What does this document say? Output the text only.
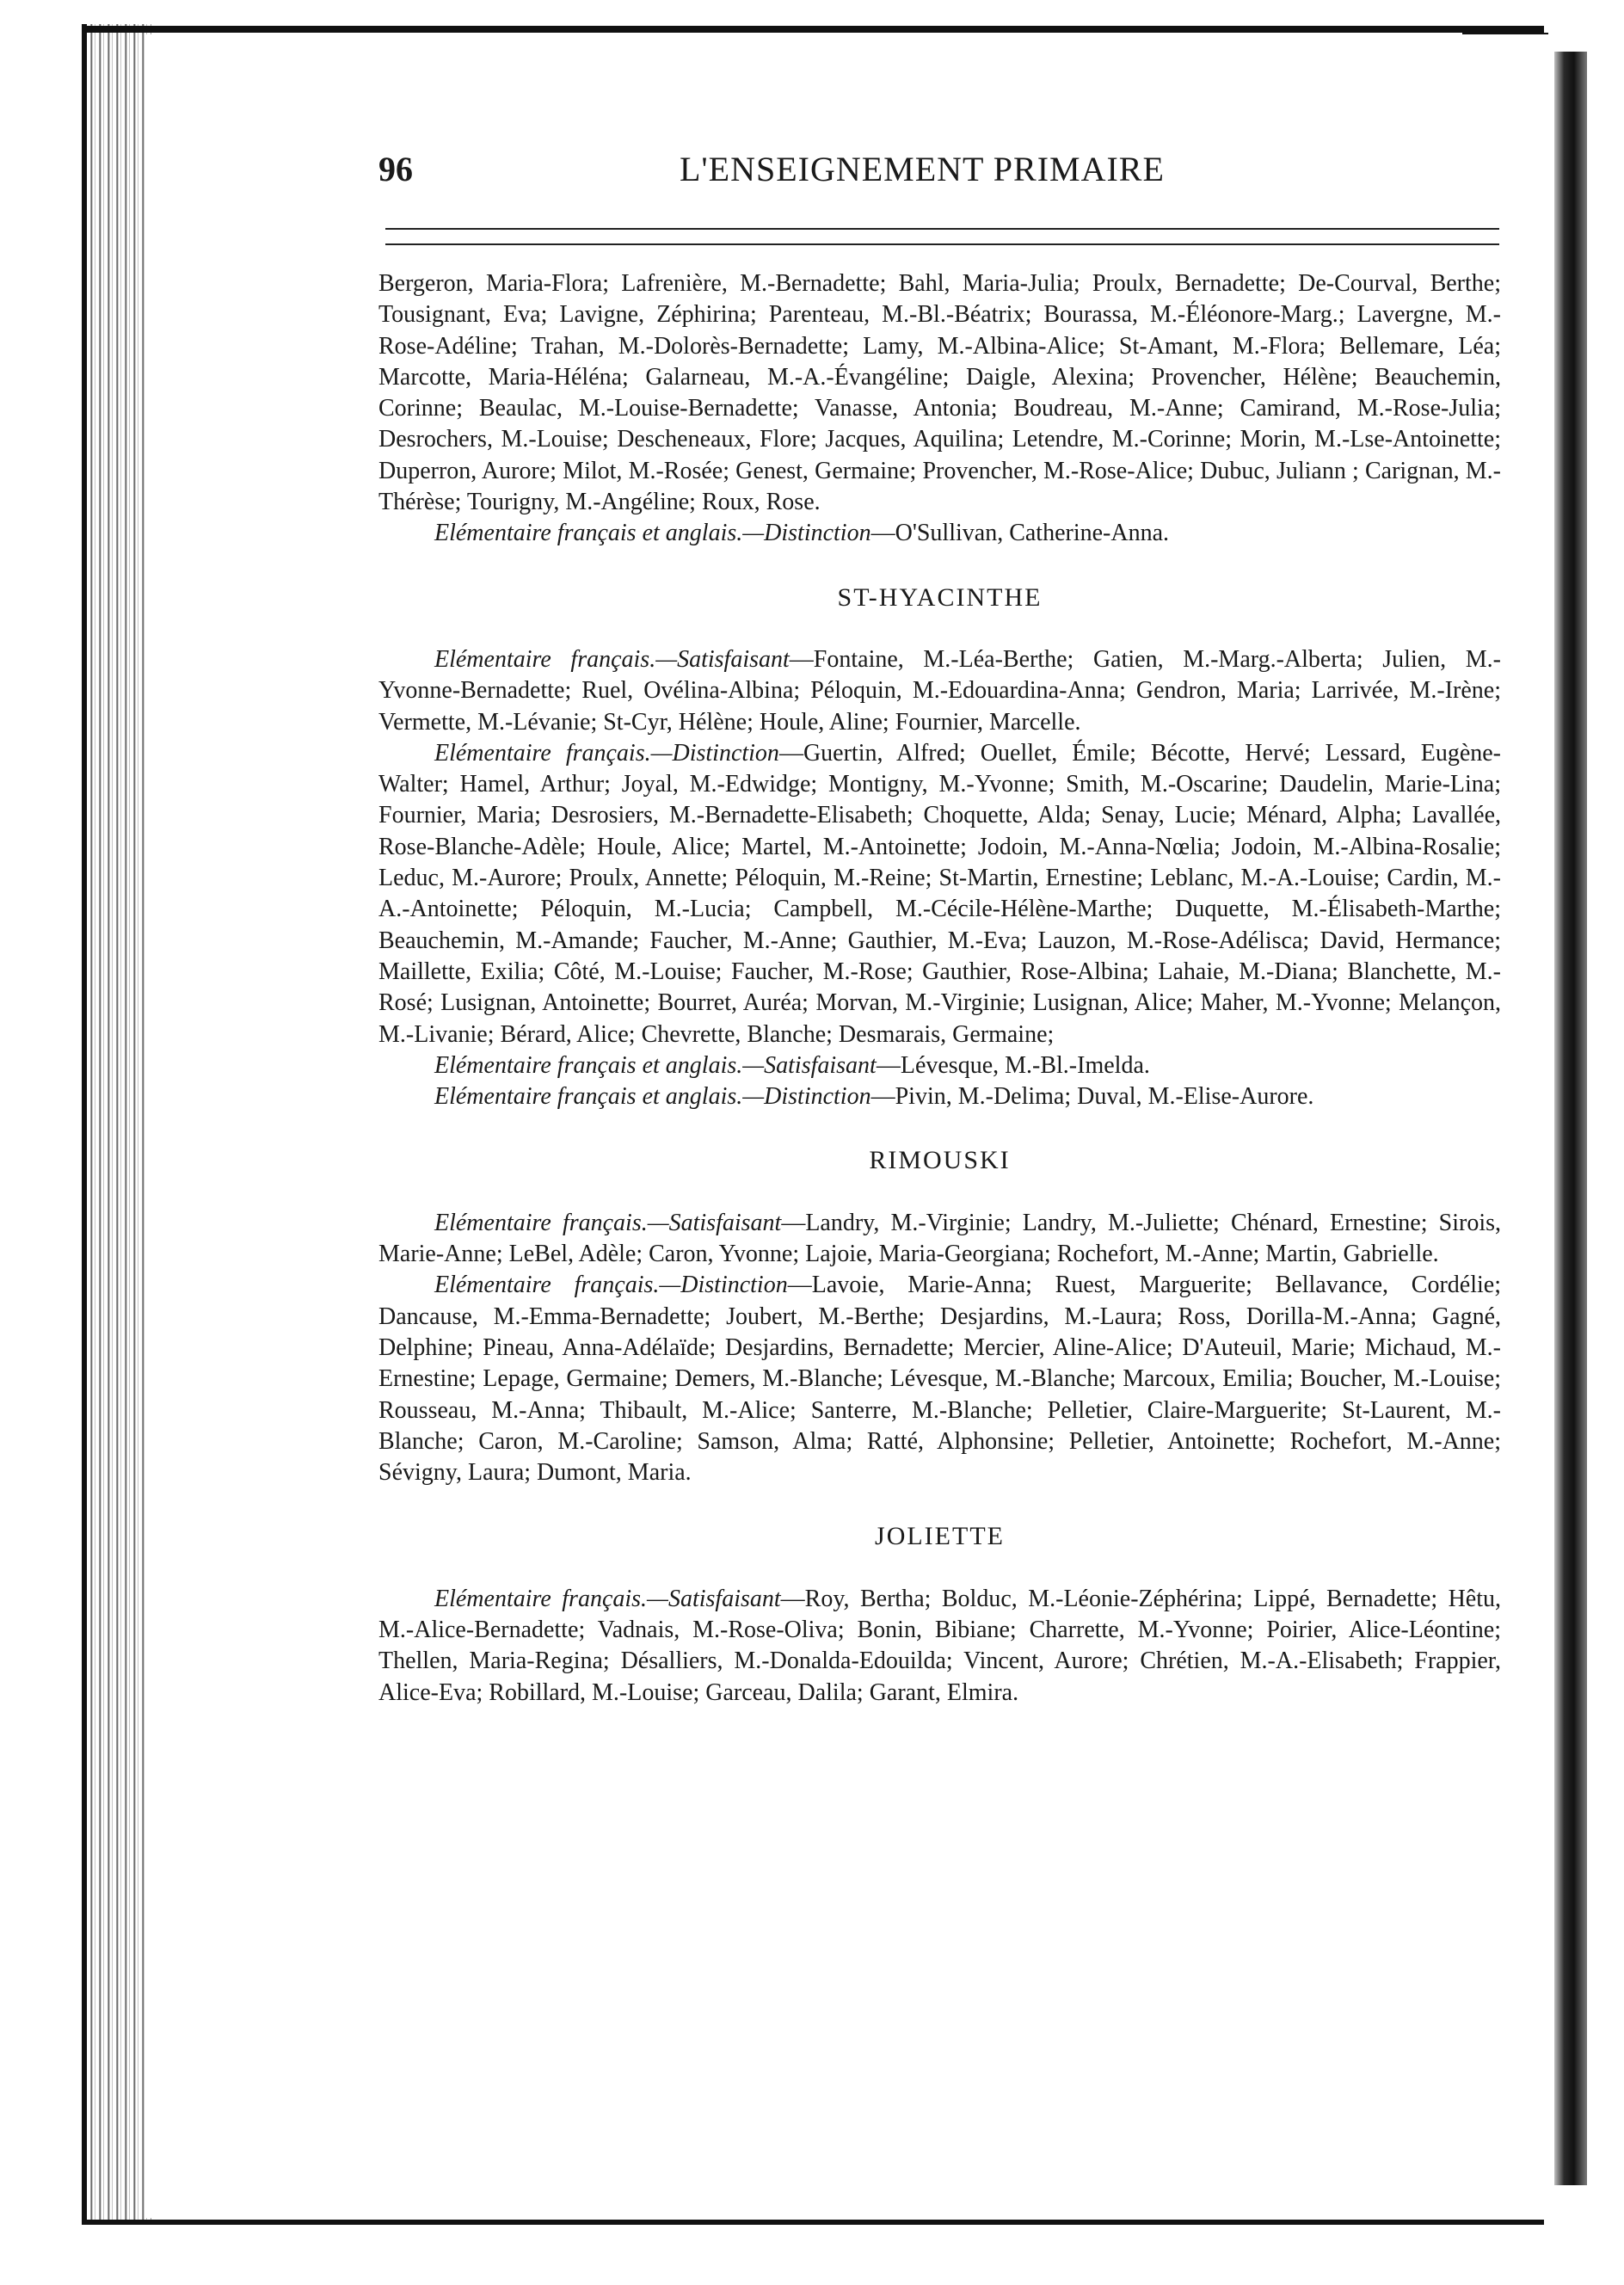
96	L'ENSEIGNEMENT PRIMAIRE

Bergeron, Maria-Flora; Lafrenière, M.-Bernadette; Bahl, Maria-Julia; Proulx, Bernadette; De-Courval, Berthe; Tousignant, Eva; Lavigne, Zéphirina; Parenteau, M.-Bl.-Béatrix; Bourassa, M.-Éléonore-Marg.; Lavergne, M.-Rose-Adéline; Trahan, M.-Dolorès-Bernadette; Lamy, M.-Albina-Alice; St-Amant, M.-Flora; Bellemare, Léa; Marcotte, Maria-Héléna; Galarneau, M.-A.-Évangéline; Daigle, Alexina; Provencher, Hélène; Beauchemin, Corinne; Beaulac, M.-Louise-Bernadette; Vanasse, Antonia; Boudreau, M.-Anne; Camirand, M.-Rose-Julia; Desrochers, M.-Louise; Descheneaux, Flore; Jacques, Aquilina; Letendre, M.-Corinne; Morin, M.-Lse-Antoinette; Duperron, Aurore; Milot, M.-Rosée; Genest, Germaine; Provencher, M.-Rose-Alice; Dubuc, Juliann ; Carignan, M.-Thérèse; Tourigny, M.-Angéline; Roux, Rose.

Elémentaire français et anglais.—Distinction—O'Sullivan, Catherine-Anna.

ST-HYACINTHE

Elémentaire français.—Satisfaisant—Fontaine, M.-Léa-Berthe; Gatien, M.-Marg.-Alberta; Julien, M.-Yvonne-Bernadette; Ruel, Ovélina-Albina; Péloquin, M.-Edouardina-Anna; Gendron, Maria; Larrivée, M.-Irène; Vermette, M.-Lévanie; St-Cyr, Hélène; Houle, Aline; Fournier, Marcelle.

Elémentaire français.—Distinction—Guertin, Alfred; Ouellet, Émile; Bécotte, Hervé; Lessard, Eugène-Walter; Hamel, Arthur; Joyal, M.-Edwidge; Montigny, M.-Yvonne; Smith, M.-Oscarine; Daudelin, Marie-Lina; Fournier, Maria; Desrosiers, M.-Bernadette-Elisabeth; Choquette, Alda; Senay, Lucie; Ménard, Alpha; Lavallée, Rose-Blanche-Adèle; Houle, Alice; Martel, M.-Antoinette; Jodoin, M.-Anna-Nœlia; Jodoin, M.-Albina-Rosalie; Leduc, M.-Aurore; Proulx, Annette; Péloquin, M.-Reine; St-Martin, Ernestine; Leblanc, M.-A.-Louise; Cardin, M.-A.-Antoinette; Péloquin, M.-Lucia; Campbell, M.-Cécile-Hélène-Marthe; Duquette, M.-Élisabeth-Marthe; Beauchemin, M.-Amande; Faucher, M.-Anne; Gauthier, M.-Eva; Lauzon, M.-Rose-Adélisca; David, Hermance; Maillette, Exilia; Côté, M.-Louise; Faucher, M.-Rose; Gauthier, Rose-Albina; Lahaie, M.-Diana; Blanchette, M.-Rosé; Lusignan, Antoinette; Bourret, Auréa; Morvan, M.-Virginie; Lusignan, Alice; Maher, M.-Yvonne; Melançon, M.-Livanie; Bérard, Alice; Chevrette, Blanche; Desmarais, Germaine;

Elémentaire français et anglais.—Satisfaisant—Lévesque, M.-Bl.-Imelda.

Elémentaire français et anglais.—Distinction—Pivin, M.-Delima; Duval, M.-Elise-Aurore.

RIMOUSKI

Elémentaire français.—Satisfaisant—Landry, M.-Virginie; Landry, M.-Juliette; Chénard, Ernestine; Sirois, Marie-Anne; LeBel, Adèle; Caron, Yvonne; Lajoie, Maria-Georgiana; Rochefort, M.-Anne; Martin, Gabrielle.

Elémentaire français.—Distinction—Lavoie, Marie-Anna; Ruest, Marguerite; Bellavance, Cordélie; Dancause, M.-Emma-Bernadette; Joubert, M.-Berthe; Desjardins, M.-Laura; Ross, Dorilla-M.-Anna; Gagné, Delphine; Pineau, Anna-Adélaïde; Desjardins, Bernadette; Mercier, Aline-Alice; D'Auteuil, Marie; Michaud, M.-Ernestine; Lepage, Germaine; Demers, M.-Blanche; Lévesque, M.-Blanche; Marcoux, Emilia; Boucher, M.-Louise; Rousseau, M.-Anna; Thibault, M.-Alice; Santerre, M.-Blanche; Pelletier, Claire-Marguerite; St-Laurent, M.-Blanche; Caron, M.-Caroline; Samson, Alma; Ratté, Alphonsine; Pelletier, Antoinette; Rochefort, M.-Anne; Sévigny, Laura; Dumont, Maria.

JOLIETTE

Elémentaire français.—Satisfaisant—Roy, Bertha; Bolduc, M.-Léonie-Zéphérina; Lippé, Bernadette; Hêtu, M.-Alice-Bernadette; Vadnais, M.-Rose-Oliva; Bonin, Bibiane; Charrette, M.-Yvonne; Poirier, Alice-Léontine; Thellen, Maria-Regina; Désalliers, M.-Donalda-Edouilda; Vincent, Aurore; Chrétien, M.-A.-Elisabeth; Frappier, Alice-Eva; Robillard, M.-Louise; Garceau, Dalila; Garant, Elmira.
